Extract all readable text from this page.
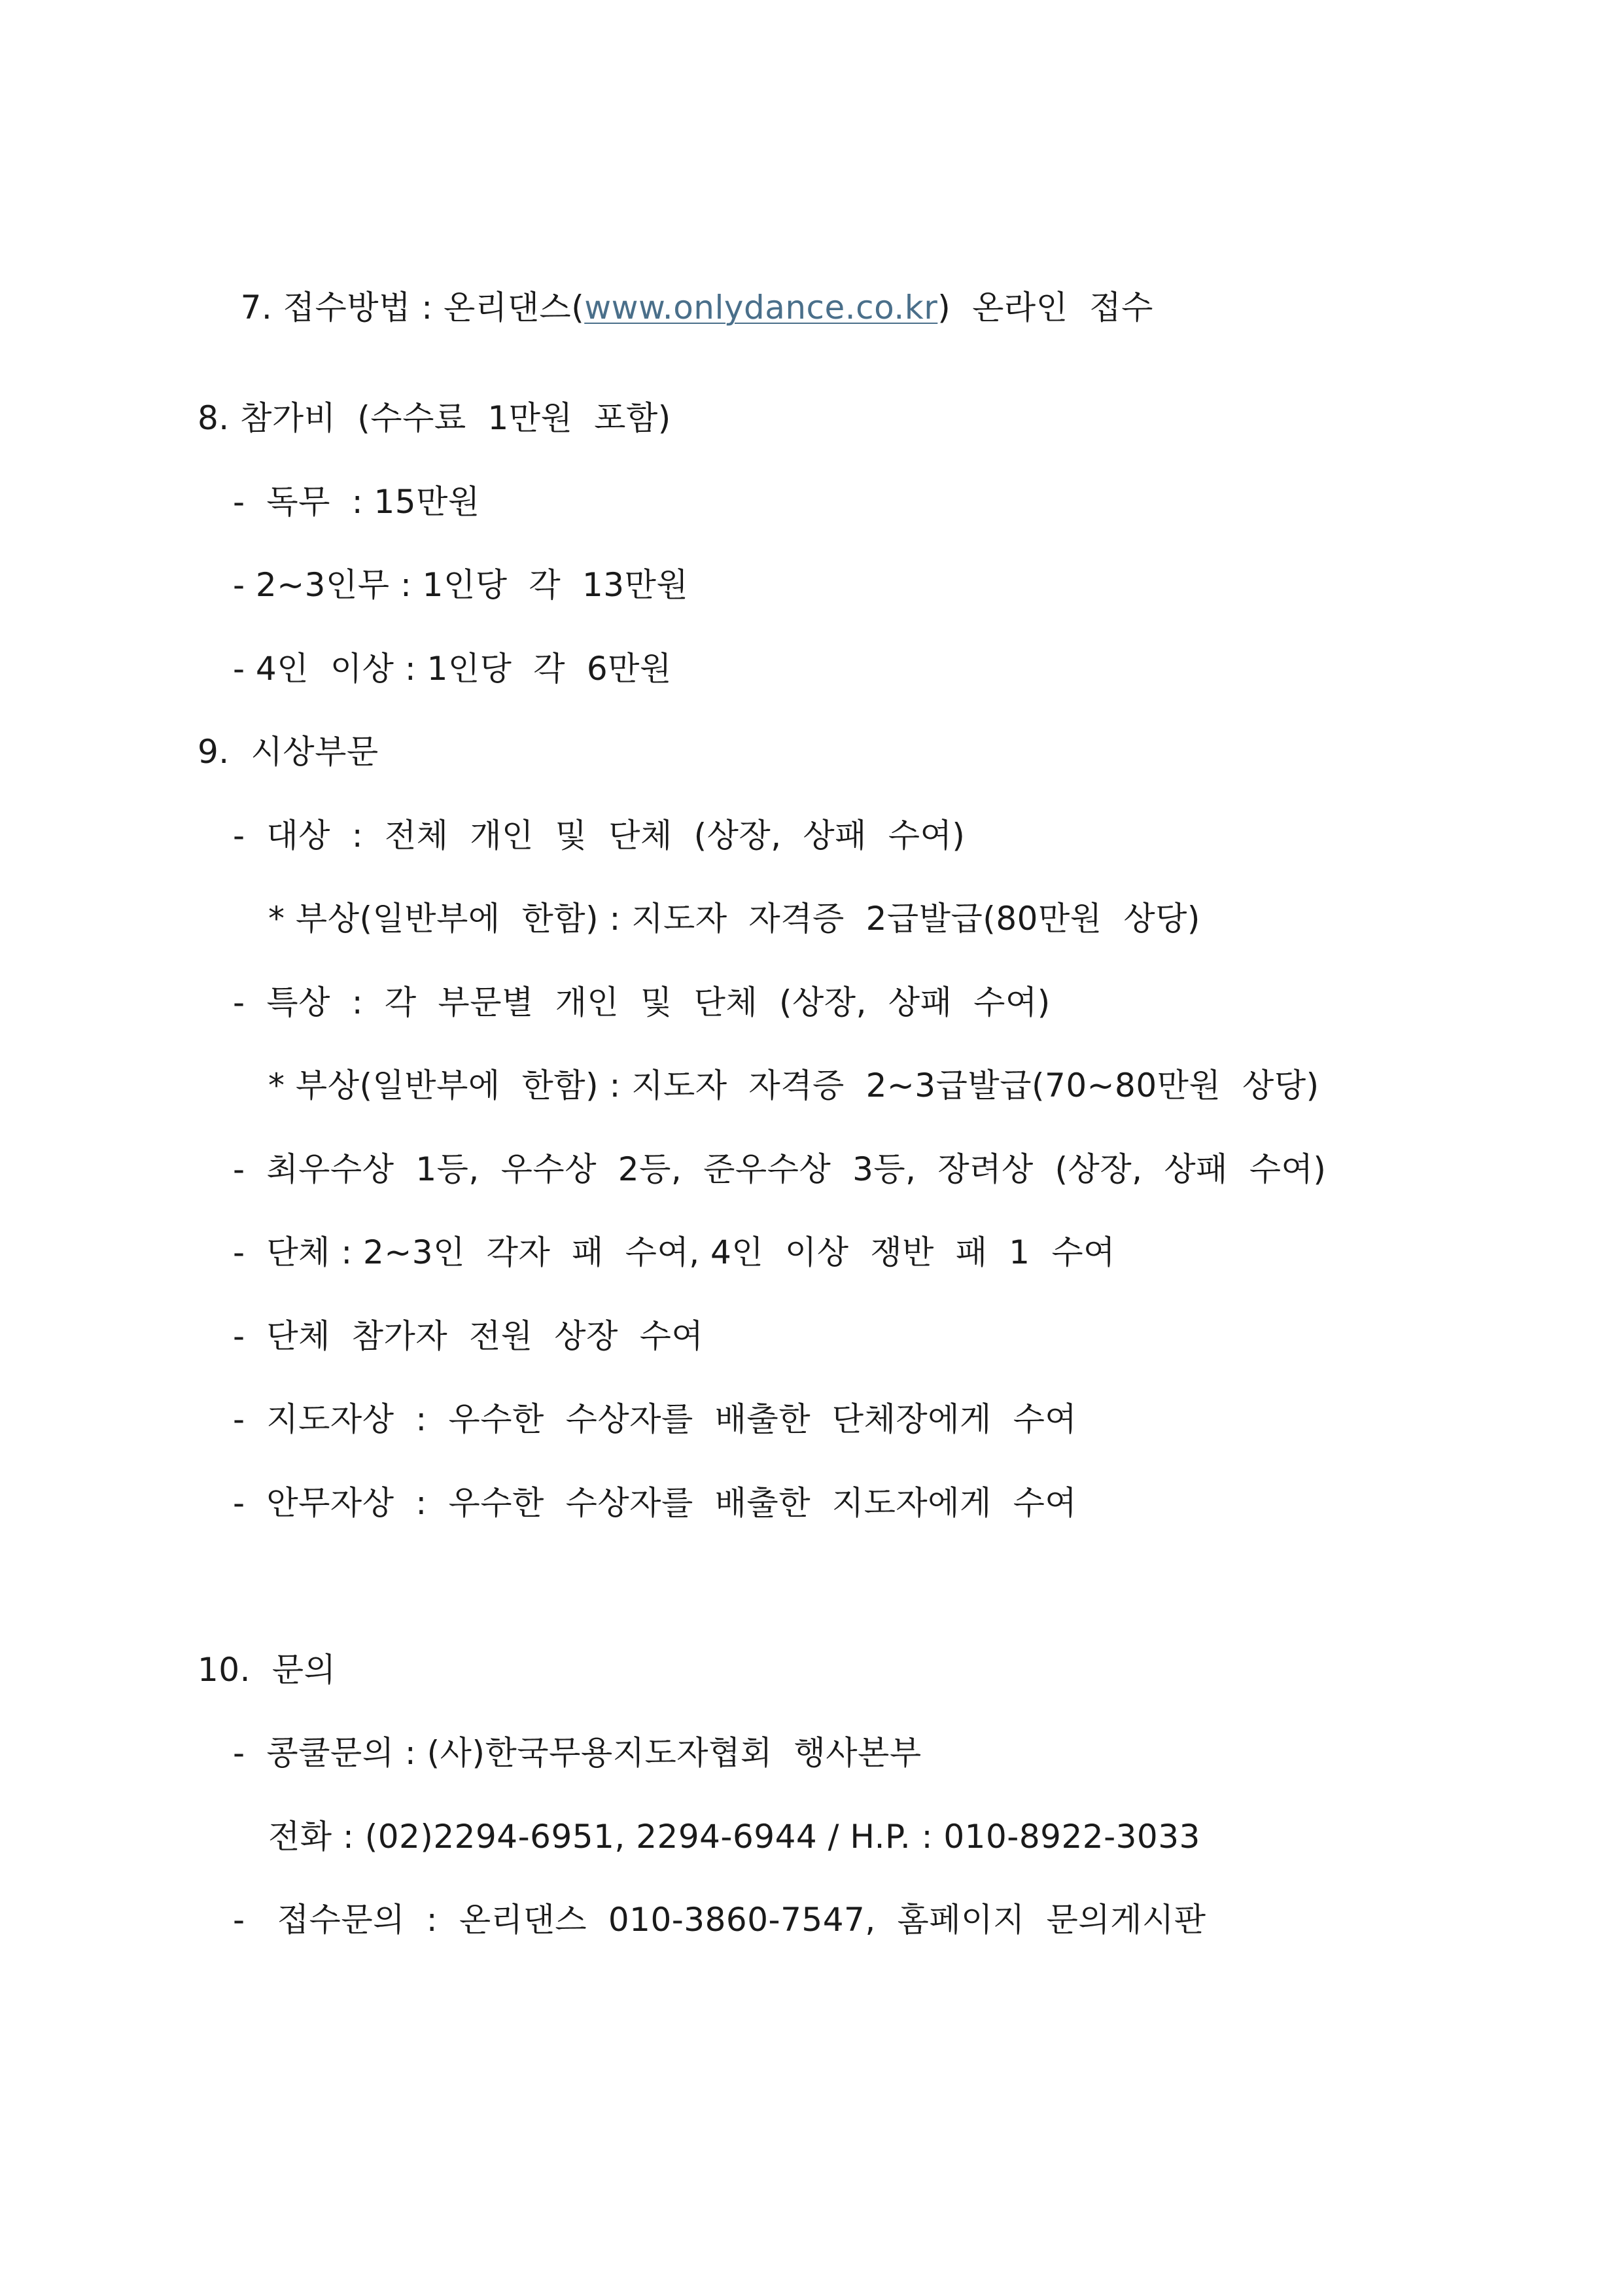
7. 접수방법 : 온리댄스(www.onlydance.co.kr)  온라인  접수

8. 참가비  (수수료  1만원  포함)
-  독무  : 15만원
- 2~3인무 : 1인당  각  13만원
- 4인  이상 : 1인당  각  6만원
9.  시상부문
-  대상  :  전체  개인  및  단체  (상장,  상패  수여)
* 부상(일반부에  한함) : 지도자  자격증  2급발급(80만원  상당)
-  특상  :  각  부문별  개인  및  단체  (상장,  상패  수여)
* 부상(일반부에  한함) : 지도자  자격증  2~3급발급(70~80만원  상당)
-  최우수상  1등,  우수상  2등,  준우수상  3등,  장려상  (상장,  상패  수여)
-  단체 : 2~3인  각자  패  수여, 4인  이상  쟁반  패  1  수여
-  단체  참가자  전원  상장  수여
-  지도자상  :  우수한  수상자를  배출한  단체장에게  수여
-  안무자상  :  우수한  수상자를  배출한  지도자에게  수여
10.  문의
-  콩쿨문의 : (사)한국무용지도자협회  행사본부
전화 : (02)2294-6951, 2294-6944 / H.P. : 010-8922-3033
-   접수문의  :  온리댄스  010-3860-7547,  홈페이지  문의게시판
